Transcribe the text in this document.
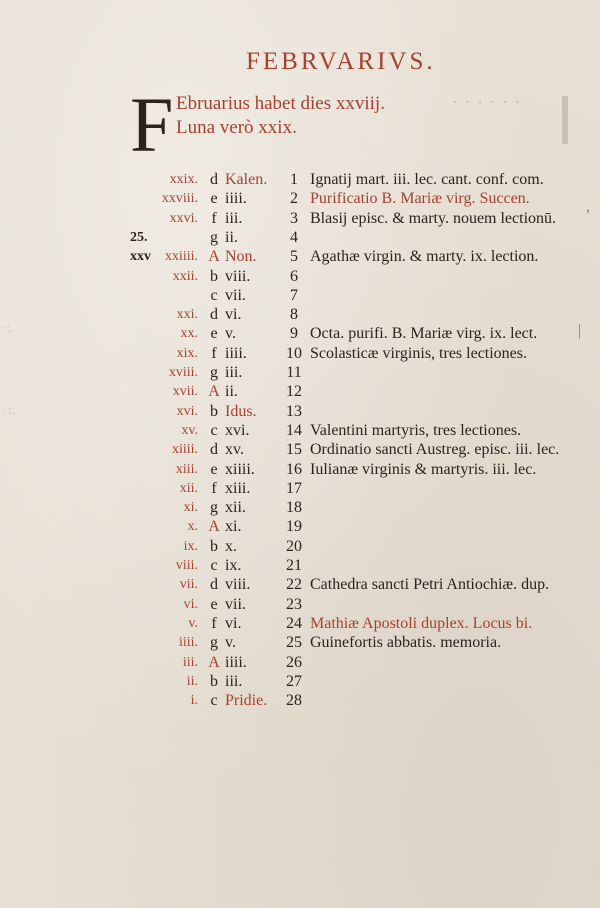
FEBRVARIVS.
F Ebruarius habet dies xxviij.
Luna verò xxix.
· · · · · ·
xxix. d Kalen.	1 Ignatij mart. iii. lec. cant. conf. com.
xxviii. e iiii.	2 Purificatio B. Mariæ virg. Succen.
xxvi. f iii.	3 Blasij episc. & marty. nouem lectionū.
25.	g ii.	4
xxv xxiiii. A Non.	5 Agathæ virgin. & marty. ix. lection.
xxii. b viii.	6
c vii.	7
xxi. d vi.	8
xx. e v.	9 Octa. purifi. B. Mariæ virg. ix. lect.
xix. f iiii. 10 Scolasticæ virginis, tres lectiones.
xviii. g iii.	11
xvii. A ii.	12
xvi. b Idus. 13
xv. c xvi. 14 Valentini martyris, tres lectiones.
xiiii. d xv.	15 Ordinatio sancti Austreg. episc. iii. lec.
xiii. e xiiii. 16 Iulianæ virginis & martyris. iii. lec.
xii. f xiii. 17
xi. g xii.	18
x. A xi.	19
ix. b x.	20
viii. c ix.	21
vii. d viii. 22 Cathedra sancti Petri Antiochiæ. dup.
vi. e vii.	23
v. f vi.	24 Mathiæ Apostoli duplex. Locus bi.
iiii. g v.	25 Guinefortis abbatis. memoria.
iii. A iiii. 26
ii. b iii.	27
i. c Pridie. 28
·:.
. :.
|
,
